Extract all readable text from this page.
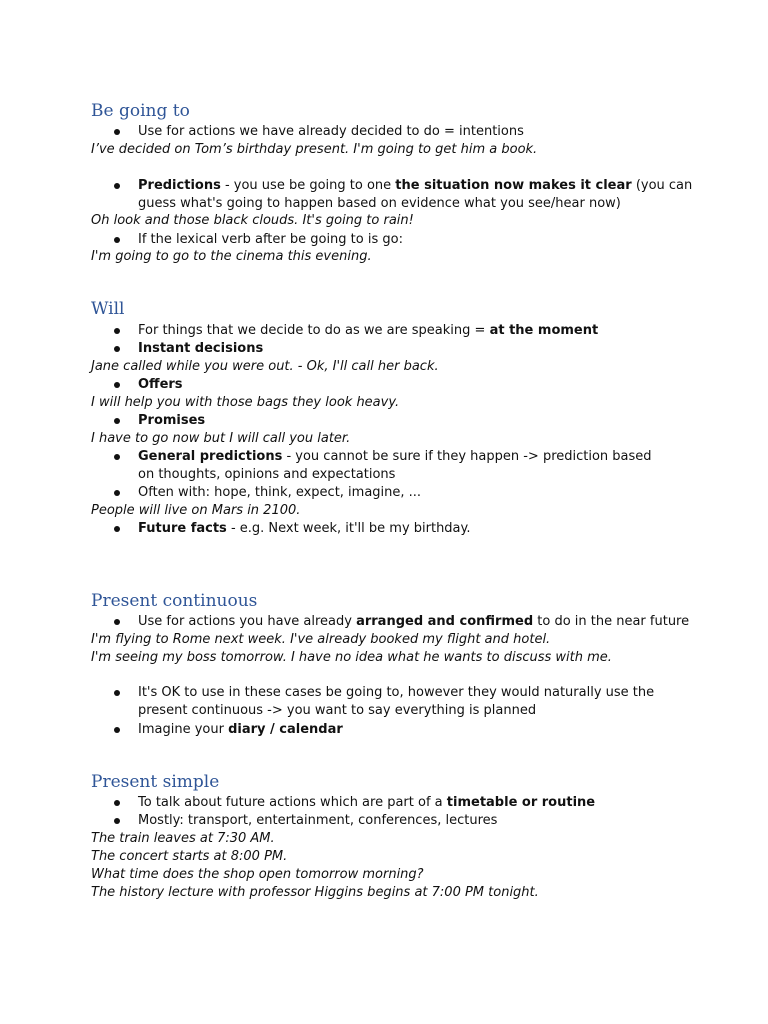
Be going to
Use for actions we have already decided to do = intentions
I’ve decided on Tom’s birthday present. I'm going to get him a book.
Predictions - you use be going to one the situation now makes it clear (you can guess what's going to happen based on evidence what you see/hear now)
Oh look and those black clouds. It's going to rain!
If the lexical verb after be going to is go:
I'm going to go to the cinema this evening.
Will
For things that we decide to do as we are speaking = at the moment
Instant decisions
Jane called while you were out. - Ok, I'll call her back.
Offers
I will help you with those bags they look heavy.
Promises
I have to go now but I will call you later.
General predictions - you cannot be sure if they happen -> prediction based on thoughts, opinions and expectations
Often with: hope, think, expect, imagine, ...
People will live on Mars in 2100.
Future facts - e.g. Next week, it'll be my birthday.
Present continuous
Use for actions you have already arranged and confirmed to do in the near future
I'm flying to Rome next week. I've already booked my flight and hotel.
I'm seeing my boss tomorrow. I have no idea what he wants to discuss with me.
It's OK to use in these cases be going to, however they would naturally use the present continuous -> you want to say everything is planned
Imagine your diary / calendar
Present simple
To talk about future actions which are part of a timetable or routine
Mostly: transport, entertainment, conferences, lectures
The train leaves at 7:30 AM.
The concert starts at 8:00 PM.
What time does the shop open tomorrow morning?
The history lecture with professor Higgins begins at 7:00 PM tonight.
